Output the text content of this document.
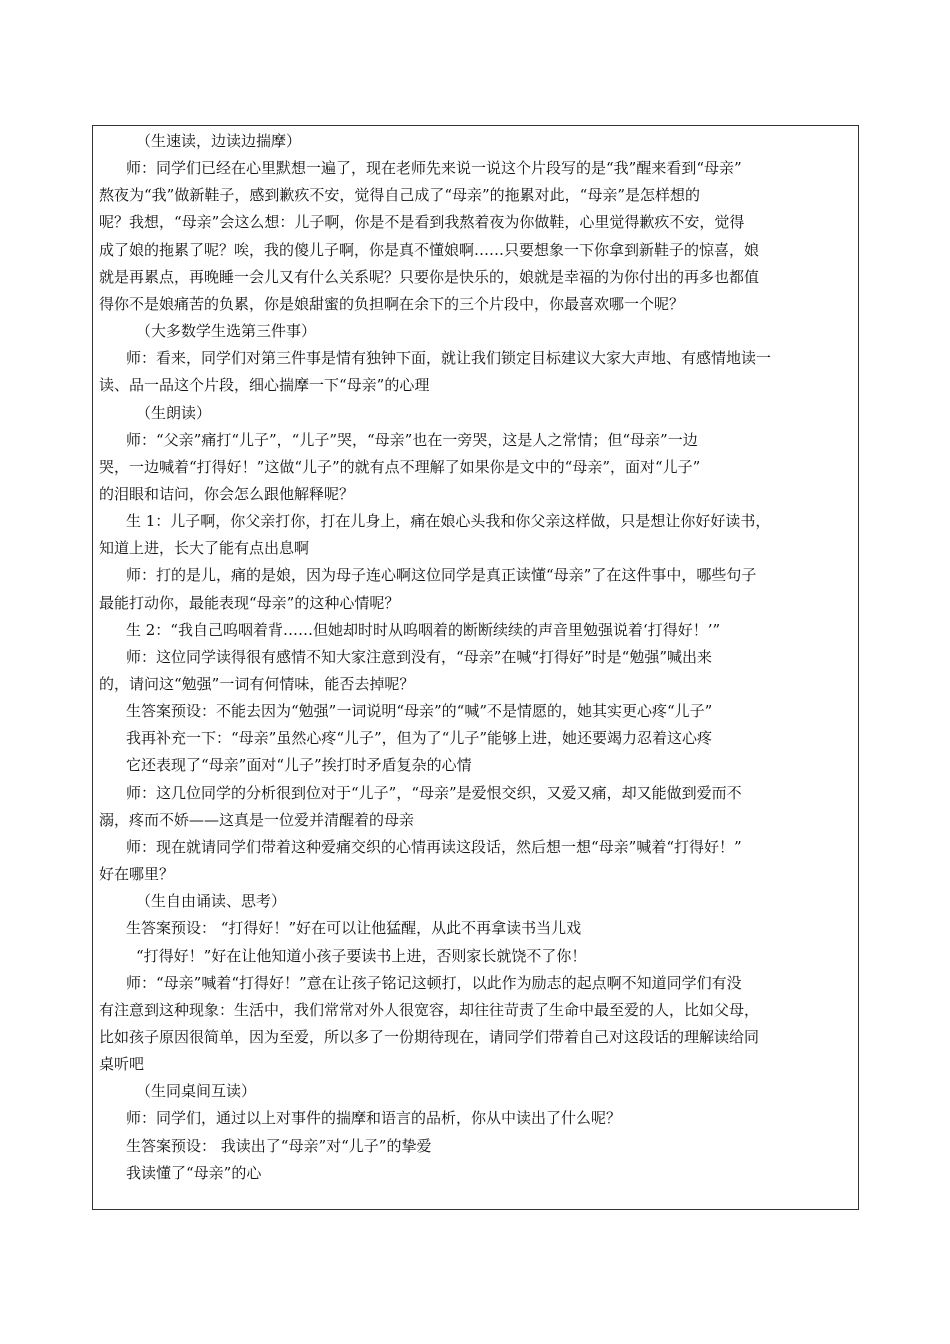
（生速读，边读边揣摩）
师：同学们已经在心里默想一遍了，现在老师先来说一说这个片段写的是“我”醒来看到“母亲”
熬夜为“我”做新鞋子，感到歉疚不安，觉得自己成了“母亲”的拖累对此，“母亲”是怎样想的
呢？我想，“母亲”会这么想：儿子啊，你是不是看到我熬着夜为你做鞋，心里觉得歉疚不安，觉得
成了娘的拖累了呢？唉，我的傻儿子啊，你是真不懂娘啊……只要想象一下你拿到新鞋子的惊喜，娘
就是再累点，再晚睡一会儿又有什么关系呢？只要你是快乐的，娘就是幸福的为你付出的再多也都值
得你不是娘痛苦的负累，你是娘甜蜜的负担啊在余下的三个片段中，你最喜欢哪一个呢？
（大多数学生选第三件事）
师：看来，同学们对第三件事是情有独钟下面，就让我们锁定目标建议大家大声地、有感情地读一
读、品一品这个片段，细心揣摩一下“母亲”的心理
（生朗读）
师：“父亲”痛打“儿子”，“儿子”哭，“母亲”也在一旁哭，这是人之常情；但“母亲”一边
哭，一边喊着“打得好！”这做“儿子”的就有点不理解了如果你是文中的“母亲”，面对“儿子”
的泪眼和诘问，你会怎么跟他解释呢？
生 1：儿子啊，你父亲打你，打在儿身上，痛在娘心头我和你父亲这样做，只是想让你好好读书，
知道上进，长大了能有点出息啊
师：打的是儿，痛的是娘，因为母子连心啊这位同学是真正读懂“母亲”了在这件事中，哪些句子
最能打动你，最能表现“母亲”的这种心情呢？
生 2：“我自己呜咽着背……但她却时时从呜咽着的断断续续的声音里勉强说着‘打得好！’”
师：这位同学读得很有感情不知大家注意到没有，“母亲”在喊“打得好”时是“勉强”喊出来
的，请问这“勉强”一词有何情味，能否去掉呢？
生答案预设：不能去因为“勉强”一词说明“母亲”的“喊”不是情愿的，她其实更心疼“儿子”
我再补充一下：“母亲”虽然心疼“儿子”，但为了“儿子”能够上进，她还要竭力忍着这心疼
它还表现了“母亲”面对“儿子”挨打时矛盾复杂的心情
师：这几位同学的分析很到位对于“儿子”，“母亲”是爱恨交织，又爱又痛，却又能做到爱而不
溺，疼而不娇——这真是一位爱并清醒着的母亲
师：现在就请同学们带着这种爱痛交织的心情再读这段话，然后想一想“母亲”喊着“打得好！”
好在哪里？
（生自由诵读、思考）
生答案预设： “打得好！”好在可以让他猛醒，从此不再拿读书当儿戏
“打得好！”好在让他知道小孩子要读书上进，否则家长就饶不了你！
师：“母亲”喊着“打得好！”意在让孩子铭记这顿打，以此作为励志的起点啊不知道同学们有没
有注意到这种现象：生活中，我们常常对外人很宽容，却往往苛责了生命中最至爱的人，比如父母，
比如孩子原因很简单，因为至爱，所以多了一份期待现在，请同学们带着自己对这段话的理解读给同
桌听吧
（生同桌间互读）
师：同学们，通过以上对事件的揣摩和语言的品析，你从中读出了什么呢？
生答案预设： 我读出了“母亲”对“儿子”的挚爱
我读懂了“母亲”的心
